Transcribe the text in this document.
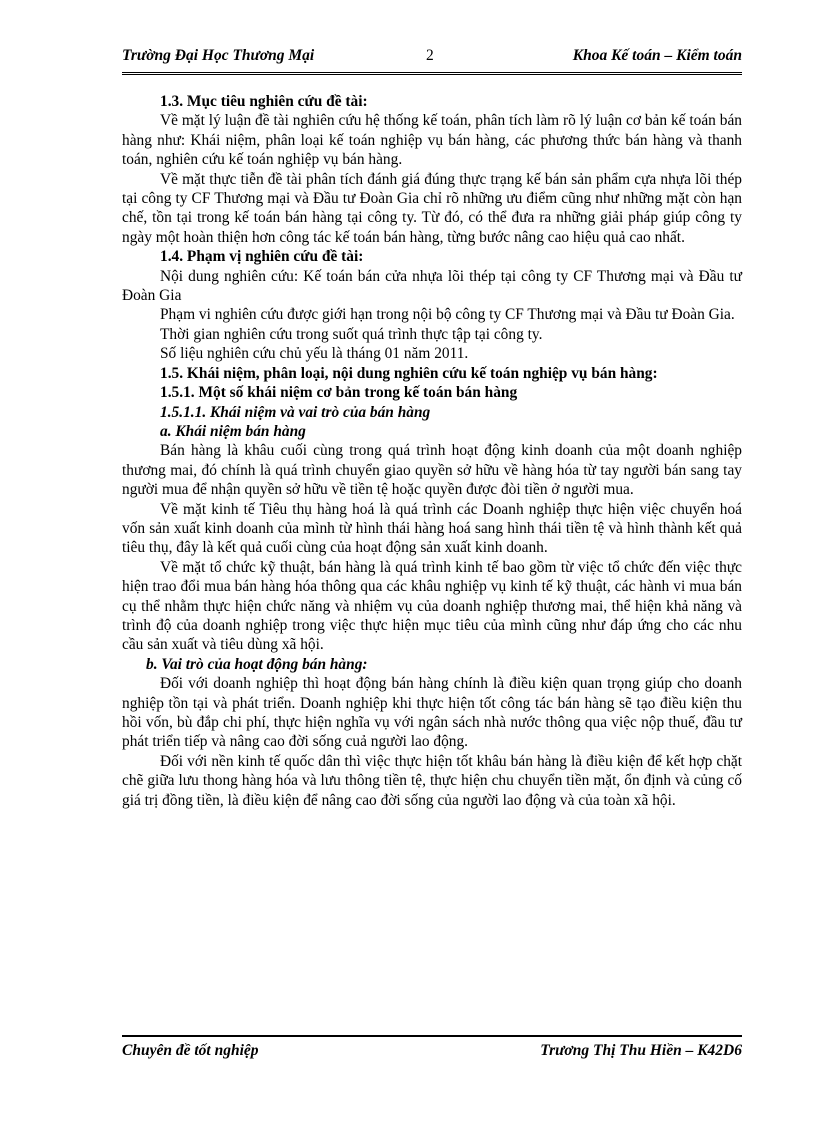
Trường Đại Học Thương Mại	2	Khoa Kế toán – Kiểm toán

1.3. Mục tiêu nghiên cứu đề tài:

Về mặt lý luận đề tài nghiên cứu hệ thống kế toán, phân tích làm rõ lý luận cơ bản kế toán bán hàng như: Khái niệm, phân loại kế toán nghiệp vụ bán hàng, các phương thức bán hàng và thanh toán, nghiên cứu kế toán nghiệp vụ bán hàng.

Về mặt thực tiễn đề tài phân tích đánh giá đúng thực trạng kế bán sản phẩm cựa nhựa lõi thép tại công ty CF Thương mại và Đầu tư Đoàn Gia chỉ rõ những ưu điểm cũng như những mặt còn hạn chế, tồn tại trong kế toán bán hàng tại công ty. Từ đó, có thể đưa ra những giải pháp giúp công ty ngày một hoàn thiện hơn công tác kế toán bán hàng, từng bước nâng cao hiệu quả cao nhất.

1.4. Phạm vị nghiên cứu đề tài:

Nội dung nghiên cứu: Kế toán bán cửa nhựa lõi thép tại công ty CF Thương mại và Đầu tư Đoàn Gia

Phạm vi nghiên cứu được giới hạn trong nội bộ công ty CF Thương mại và Đầu tư Đoàn Gia.

Thời gian nghiên cứu trong suốt quá trình thực tập tại công ty.

Số liệu nghiên cứu chủ yếu là tháng 01 năm 2011.

1.5. Khái niệm, phân loại, nội dung nghiên cứu kế toán nghiệp vụ bán hàng:

1.5.1. Một số khái niệm cơ bản trong kế toán bán hàng

1.5.1.1. Khái niệm và vai trò của bán hàng

a. Khái niệm bán hàng

Bán hàng là khâu cuối cùng trong quá trình hoạt động kinh doanh của một doanh nghiệp thương mai, đó chính là quá trình chuyển giao quyền sở hữu về hàng hóa từ tay người bán sang tay người mua để nhận quyền sở hữu về tiền tệ hoặc quyền được đòi tiền ở người mua.

Về mặt kinh tế Tiêu thụ hàng hoá là quá trình các Doanh nghiệp thực hiện việc chuyển hoá vốn sản xuất kinh doanh của mình từ hình thái hàng hoá sang hình thái tiền tệ và hình thành kết quả tiêu thụ, đây là kết quả cuối cùng của hoạt động sản xuất kinh doanh.

Về mặt tổ chức kỹ thuật, bán hàng là quá trình kinh tế bao gồm từ việc tổ chức đến việc thực hiện trao đổi mua bán hàng hóa thông qua các khâu nghiệp vụ kinh tế kỹ thuật, các hành vi mua bán cụ thể nhằm thực hiện chức năng và nhiệm vụ của doanh nghiệp thương mai, thể hiện khả năng và trình độ của doanh nghiệp trong việc thực hiện mục tiêu của mình cũng như đáp ứng cho các nhu cầu sản xuất và tiêu dùng xã hội.

b. Vai trò của hoạt động bán hàng:

Đối với doanh nghiệp thì hoạt động bán hàng chính là điều kiện quan trọng giúp cho doanh nghiệp tồn tại và phát triển. Doanh nghiệp khi thực hiện tốt công tác bán hàng sẽ tạo điều kiện thu hồi vốn, bù đắp chi phí, thực hiện nghĩa vụ với ngân sách nhà nước thông qua việc nộp thuế, đầu tư phát triển tiếp và nâng cao đời sống cuả người lao động.

Đối với nền kinh tế quốc dân thì việc thực hiện tốt khâu bán hàng là điều kiện để kết hợp chặt chẽ giữa lưu thong hàng hóa và lưu thông tiền tệ, thực hiện chu chuyển tiền mặt, ổn định và củng cố giá trị đồng tiền, là điều kiện để nâng cao đời sống của người lao động và của toàn xã hội.

Chuyên đề tốt nghiệp	Trương Thị Thu Hiền – K42D6
